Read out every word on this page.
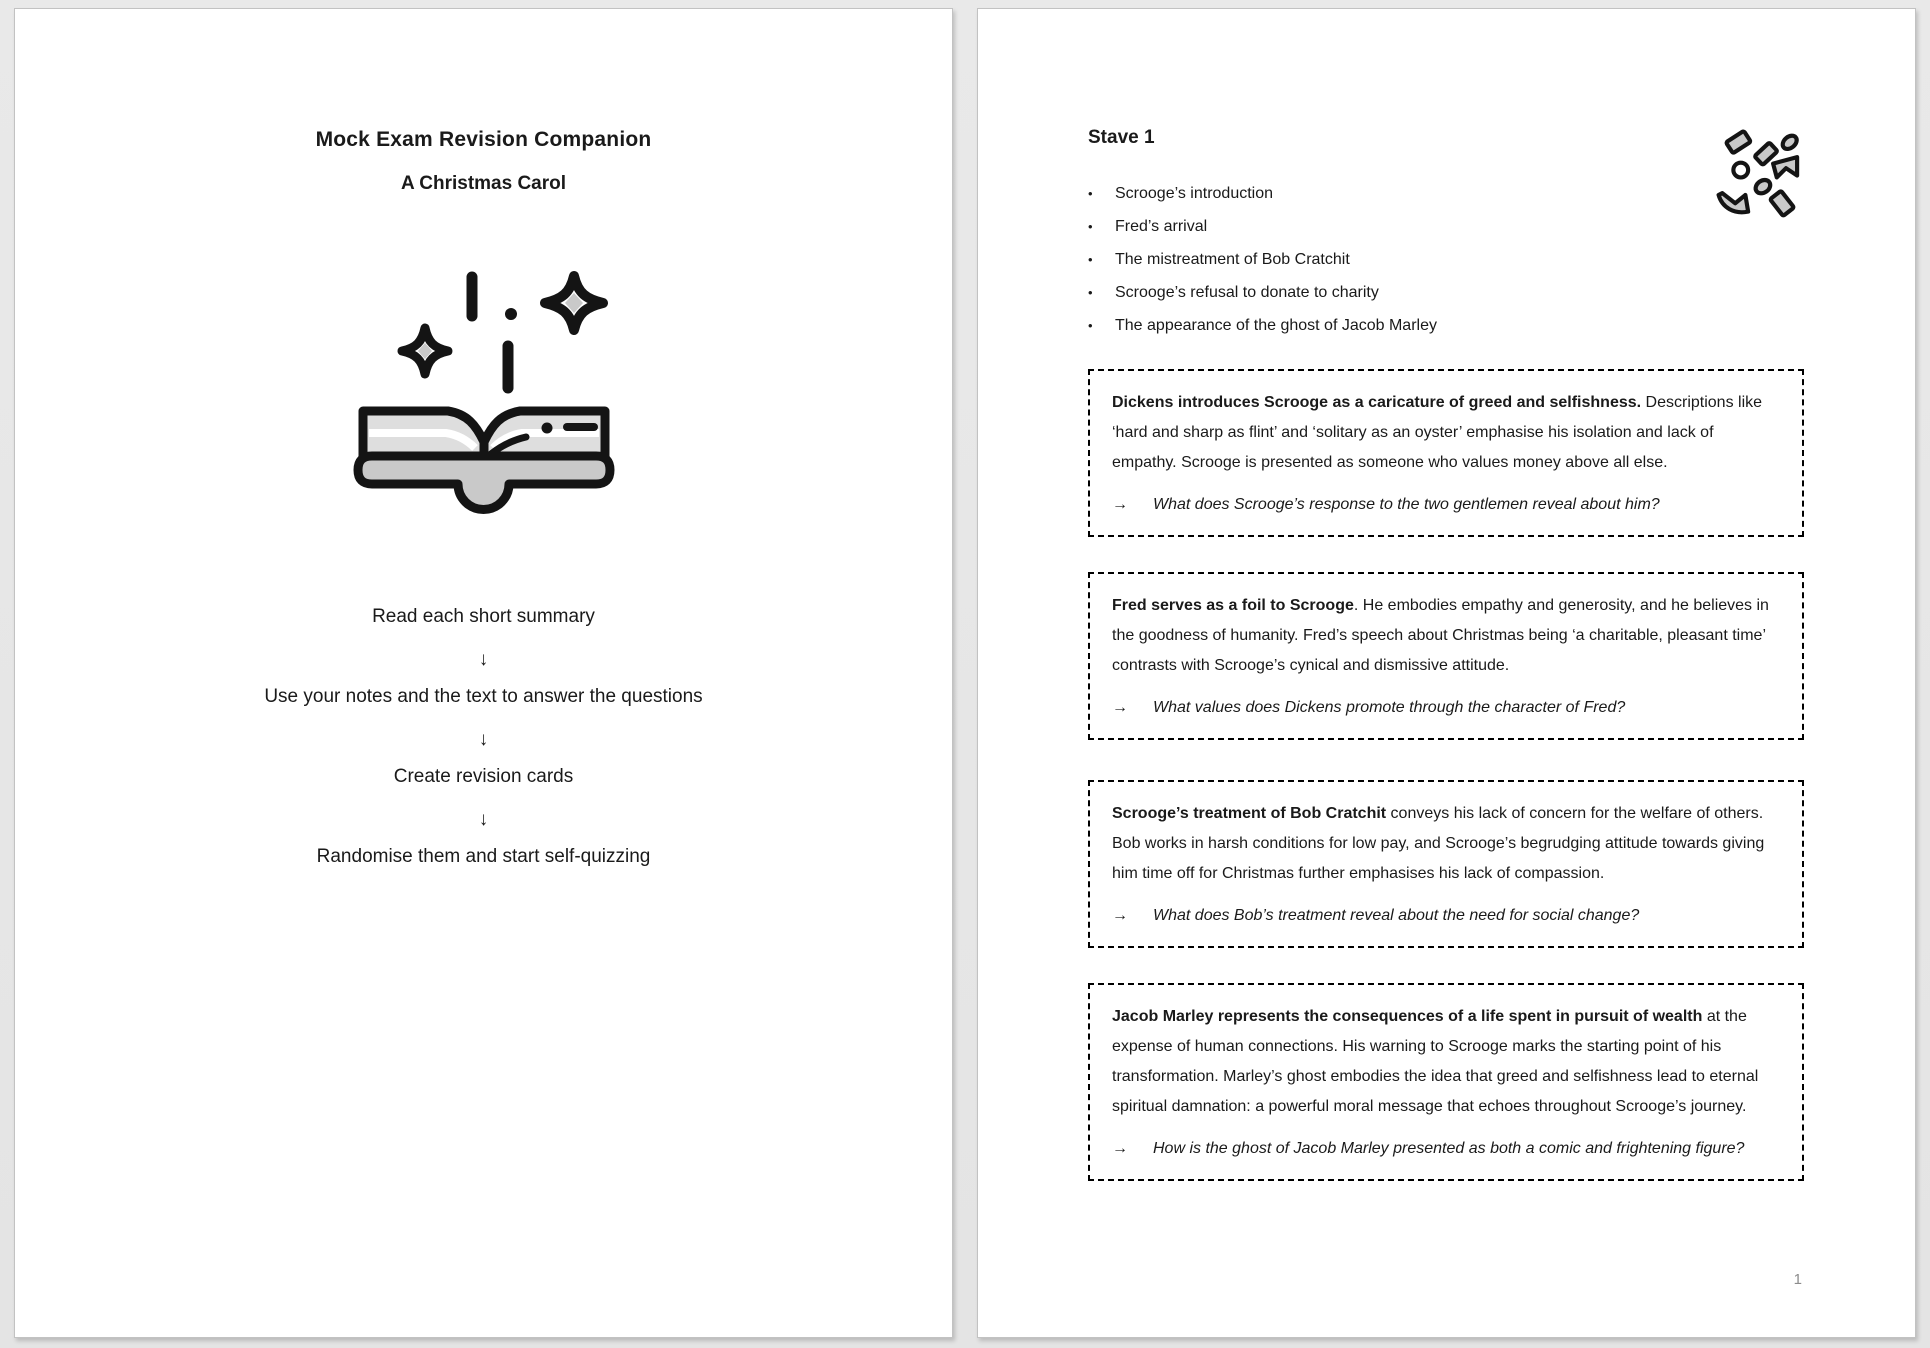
Mock Exam Revision Companion
A Christmas Carol

Read each short summary

↓

Use your notes and the text to answer the questions

↓

Create revision cards

↓

Randomise them and start self-quizzing

Stave 1
•	Scrooge’s introduction
•	Fred’s arrival
•	The mistreatment of Bob Cratchit
•	Scrooge’s refusal to donate to charity
•	The appearance of the ghost of Jacob Marley

Dickens introduces Scrooge as a caricature of greed and selfishness. Descriptions like ‘hard and sharp as flint’ and ‘solitary as an oyster’ emphasise his isolation and lack of empathy. Scrooge is presented as someone who values money above all else.

→ What does Scrooge’s response to the two gentlemen reveal about him?

Fred serves as a foil to Scrooge. He embodies empathy and generosity, and he believes in the goodness of humanity. Fred’s speech about Christmas being ‘a charitable, pleasant time’ contrasts with Scrooge’s cynical and dismissive attitude.

→ What values does Dickens promote through the character of Fred?

Scrooge’s treatment of Bob Cratchit conveys his lack of concern for the welfare of others. Bob works in harsh conditions for low pay, and Scrooge’s begrudging attitude towards giving him time off for Christmas further emphasises his lack of compassion.

→ What does Bob’s treatment reveal about the need for social change?

Jacob Marley represents the consequences of a life spent in pursuit of wealth at the expense of human connections. His warning to Scrooge marks the starting point of his transformation. Marley’s ghost embodies the idea that greed and selfishness lead to eternal spiritual damnation: a powerful moral message that echoes throughout Scrooge’s journey.

→ How is the ghost of Jacob Marley presented as both a comic and frightening figure?
1
